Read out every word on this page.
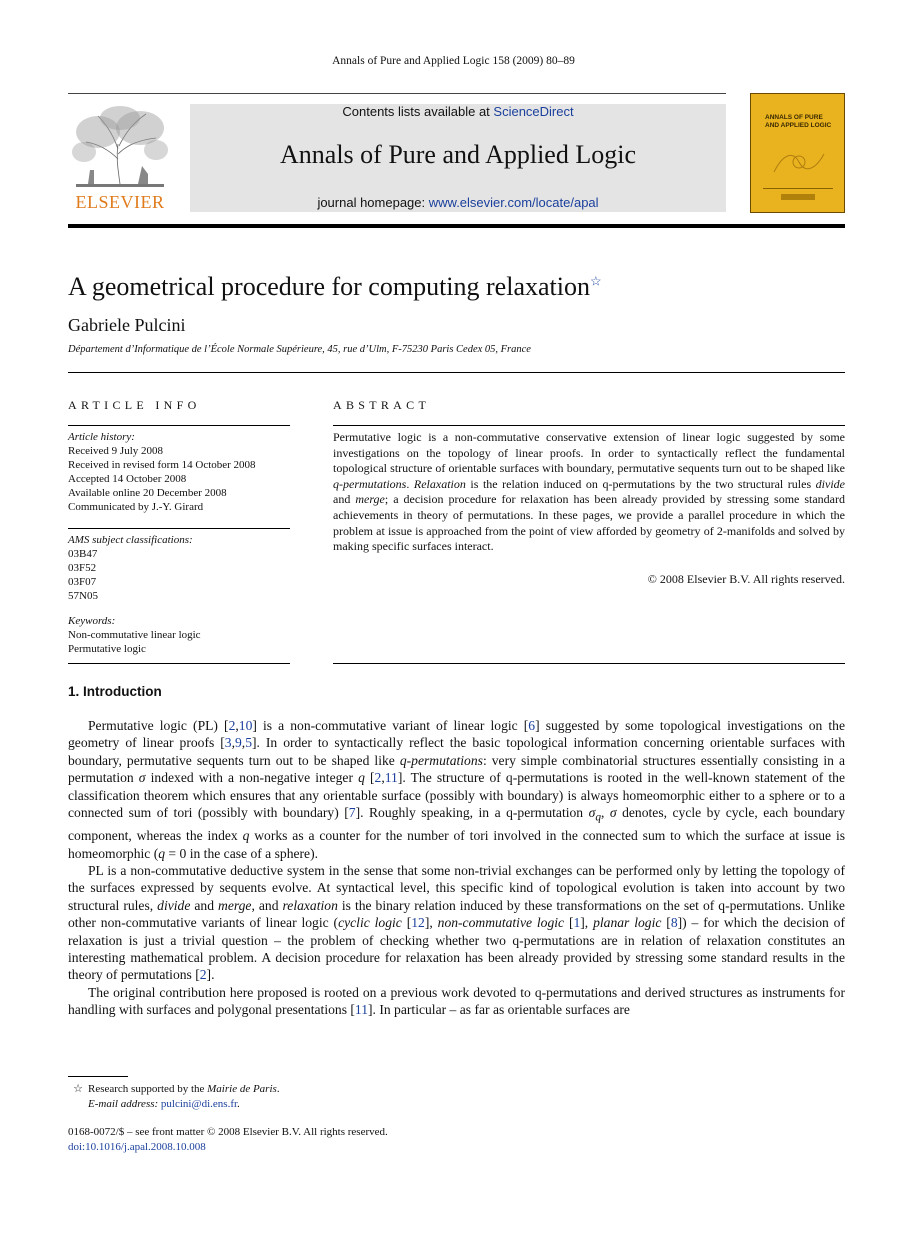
Annals of Pure and Applied Logic 158 (2009) 80–89
ELSEVIER
Contents lists available at ScienceDirect
Annals of Pure and Applied Logic
journal homepage: www.elsevier.com/locate/apal
ANNALS OF PURE AND APPLIED LOGIC
A geometrical procedure for computing relaxation☆
Gabriele Pulcini
Département d’Informatique de l’École Normale Supérieure, 45, rue d’Ulm, F-75230 Paris Cedex 05, France
ARTICLE INFO
Article history:
Received 9 July 2008
Received in revised form 14 October 2008
Accepted 14 October 2008
Available online 20 December 2008
Communicated by J.-Y. Girard
AMS subject classifications:
03B47
03F52
03F07
57N05
Keywords:
Non-commutative linear logic
Permutative logic
ABSTRACT
Permutative logic is a non-commutative conservative extension of linear logic suggested by some investigations on the topology of linear proofs. In order to syntactically reflect the fundamental topological structure of orientable surfaces with boundary, permutative sequents turn out to be shaped like q-permutations. Relaxation is the relation induced on q-permutations by the two structural rules divide and merge; a decision procedure for relaxation has been already provided by stressing some standard achievements in theory of permutations. In these pages, we provide a parallel procedure in which the problem at issue is approached from the point of view afforded by geometry of 2-manifolds and solved by making specific surfaces interact.
© 2008 Elsevier B.V. All rights reserved.
1. Introduction

Permutative logic (PL) [2,10] is a non-commutative variant of linear logic [6] suggested by some topological investigations on the geometry of linear proofs [3,9,5]. In order to syntactically reflect the basic topological information concerning orientable surfaces with boundary, permutative sequents turn out to be shaped like q-permutations: very simple combinatorial structures essentially consisting in a permutation σ indexed with a non-negative integer q [2,11]. The structure of q-permutations is rooted in the well-known statement of the classification theorem which ensures that any orientable surface (possibly with boundary) is always homeomorphic either to a sphere or to a connected sum of tori (possibly with boundary) [7]. Roughly speaking, in a q-permutation $\sigma_q$, σ denotes, cycle by cycle, each boundary component, whereas the index q works as a counter for the number of tori involved in the connected sum to which the surface at issue is homeomorphic (q = 0 in the case of a sphere).

PL is a non-commutative deductive system in the sense that some non-trivial exchanges can be performed only by letting the topology of the surfaces expressed by sequents evolve. At syntactical level, this specific kind of topological evolution is taken into account by two structural rules, divide and merge, and relaxation is the binary relation induced by these transformations on the set of q-permutations. Unlike other non-commutative variants of linear logic (cyclic logic [12], non-commutative logic [1], planar logic [8]) – for which the decision of relaxation is just a trivial question – the problem of checking whether two q-permutations are in relation of relaxation constitutes an interesting mathematical problem. A decision procedure for relaxation has been already provided by stressing some standard results in the theory of permutations [2].

The original contribution here proposed is rooted on a previous work devoted to q-permutations and derived structures as instruments for handling with surfaces and polygonal presentations [11]. In particular – as far as orientable surfaces are

☆ Research supported by the Mairie de Paris.
E-mail address: pulcini@di.ens.fr.
0168-0072/$ – see front matter © 2008 Elsevier B.V. All rights reserved.
doi:10.1016/j.apal.2008.10.008
